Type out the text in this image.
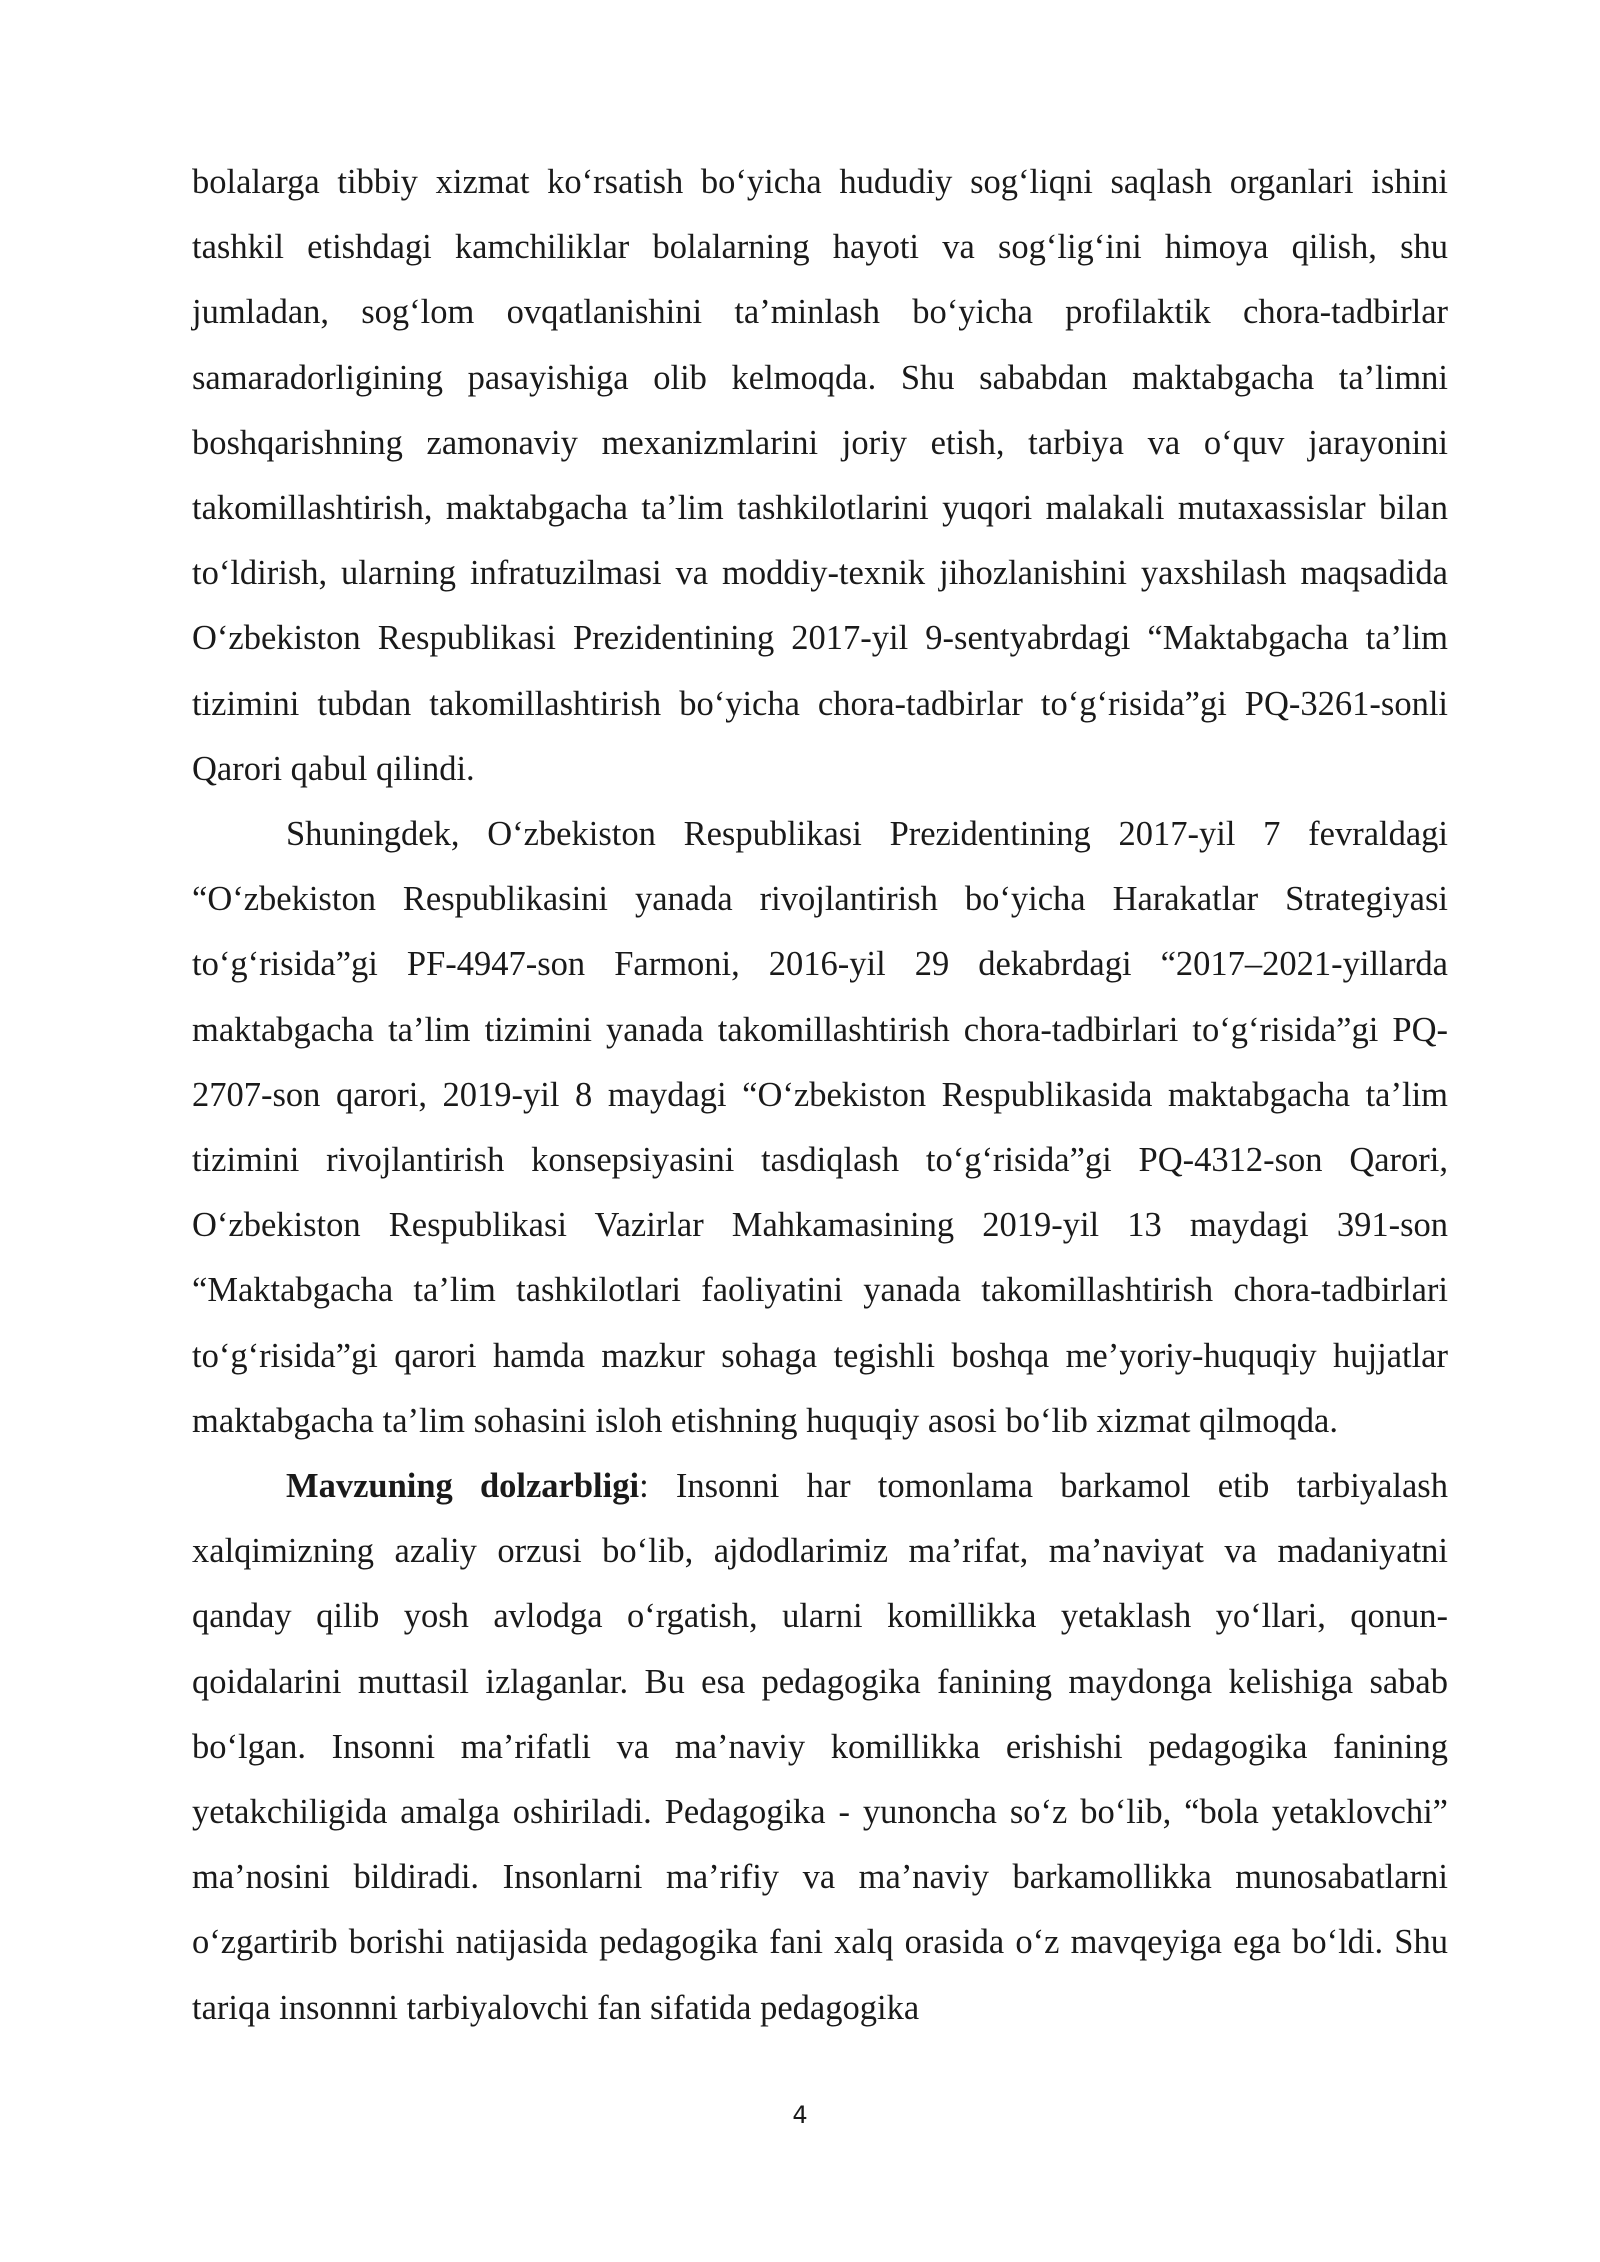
bolalarga tibbiy xizmat ko‘rsatish bo‘yicha hududiy sog‘liqni saqlash organlari ishini tashkil etishdagi kamchiliklar bolalarning hayoti va sog‘lig‘ini himoya qilish, shu jumladan, sog‘lom ovqatlanishini ta’minlash bo‘yicha profilaktik chora-tadbirlar samaradorligining pasayishiga olib kelmoqda. Shu sababdan maktabgacha ta’limni boshqarishning zamonaviy mexanizmlarini joriy etish, tarbiya va o‘quv jarayonini takomillashtirish, maktabgacha ta’lim tashkilotlarini yuqori malakali mutaxassislar bilan to‘ldirish, ularning infratuzilmasi va moddiy-texnik jihozlanishini yaxshilash maqsadida O‘zbekiston Respublikasi Prezidentining 2017-yil 9-sentyabrdagi “Maktabgacha ta’lim tizimini tubdan takomillashtirish bo‘yicha chora-tadbirlar to‘g‘risida”gi PQ-3261-sonli Qarori qabul qilindi.

Shuningdek, O‘zbekiston Respublikasi Prezidentining 2017-yil 7 fevraldagi “O‘zbekiston Respublikasini yanada rivojlantirish bo‘yicha Harakatlar Strategiyasi to‘g‘risida”gi PF-4947-son Farmoni, 2016-yil 29 dekabrdagi “2017–2021-yillarda maktabgacha ta’lim tizimini yanada takomillashtirish chora-tadbirlari to‘g‘risida”gi PQ-2707-son qarori, 2019-yil 8 maydagi “O‘zbekiston Respublikasida maktabgacha ta’lim tizimini rivojlantirish konsepsiyasini tasdiqlash to‘g‘risida”gi PQ-4312-son Qarori, O‘zbekiston Respublikasi Vazirlar Mahkamasining 2019-yil 13 maydagi 391-son “Maktabgacha ta’lim tashkilotlari faoliyatini yanada takomillashtirish chora-tadbirlari to‘g‘risida”gi qarori hamda mazkur sohaga tegishli boshqa me’yoriy-huquqiy hujjatlar maktabgacha ta’lim sohasini isloh etishning huquqiy asosi bo‘lib xizmat qilmoqda.

Mavzuning dolzarbligi: Insonni har tomonlama barkamol etib tarbiyalash xalqimizning azaliy orzusi bo‘lib, ajdodlarimiz ma’rifat, ma’naviyat va madaniyatni qanday qilib yosh avlodga o‘rgatish, ularni komillikka yetaklash yo‘llari, qonun-qoidalarini muttasil izlaganlar. Bu esa pedagogika fanining maydonga kelishiga sabab bo‘lgan. Insonni ma’rifatli va ma’naviy komillikka erishishi pedagogika fanining yetakchiligida amalga oshiriladi. Pedagogika - yunoncha so‘z bo‘lib, “bola yetaklovchi” ma’nosini bildiradi. Insonlarni ma’rifiy va ma’naviy barkamollikka munosabatlarni o‘zgartirib borishi natijasida pedagogika fani xalq orasida o‘z mavqeyiga ega bo‘ldi. Shu tariqa insonnni tarbiyalovchi fan sifatida pedagogika

4
